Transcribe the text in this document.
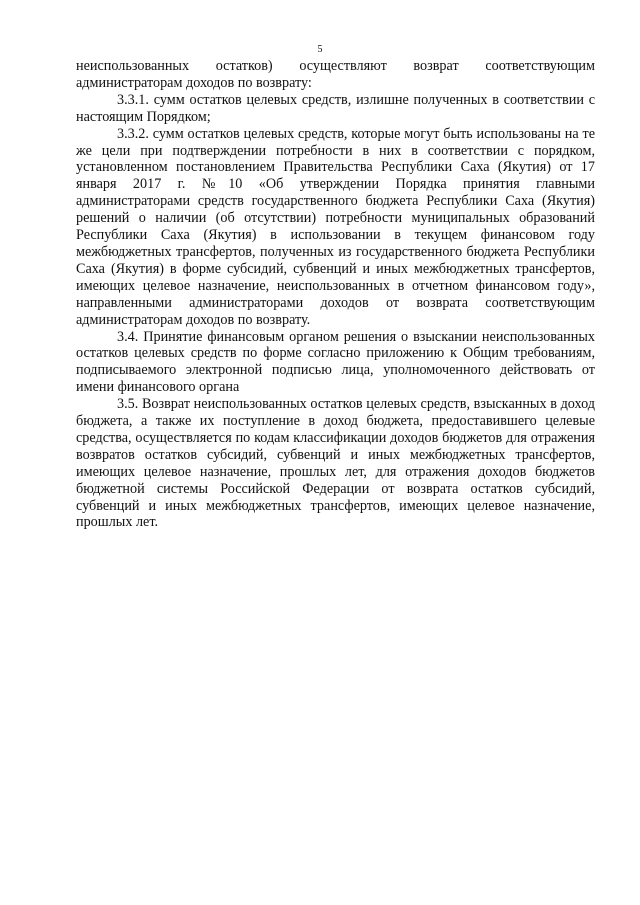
5

неиспользованных остатков) осуществляют возврат соответствующим администраторам доходов по возврату:

3.3.1. сумм остатков целевых средств, излишне полученных в соответствии с настоящим Порядком;

3.3.2. сумм остатков целевых средств, которые могут быть использованы на те же цели при подтверждении потребности в них в соответствии с порядком, установленном постановлением Правительства Республики Саха (Якутия) от 17 января 2017 г. №10 «Об утверждении Порядка принятия главными администраторами средств государственного бюджета Республики Саха (Якутия) решений о наличии (об отсутствии) потребности муниципальных образований Республики Саха (Якутия) в использовании в текущем финансовом году межбюджетных трансфертов, полученных из государственного бюджета Республики Саха (Якутия) в форме субсидий, субвенций и иных межбюджетных трансфертов, имеющих целевое назначение, неиспользованных в отчетном финансовом году», направленными администраторами доходов от возврата соответствующим администраторам доходов по возврату.

3.4. Принятие финансовым органом решения о взыскании неиспользованных остатков целевых средств по форме согласно приложению к Общим требованиям, подписываемого электронной подписью лица, уполномоченного действовать от имени финансового органа

3.5. Возврат неиспользованных остатков целевых средств, взысканных в доход бюджета, а также их поступление в доход бюджета, предоставившего целевые средства, осуществляется по кодам классификации доходов бюджетов для отражения возвратов остатков субсидий, субвенций и иных межбюджетных трансфертов, имеющих целевое назначение, прошлых лет, для отражения доходов бюджетов бюджетной системы Российской Федерации от возврата остатков субсидий, субвенций и иных межбюджетных трансфертов, имеющих целевое назначение, прошлых лет.
